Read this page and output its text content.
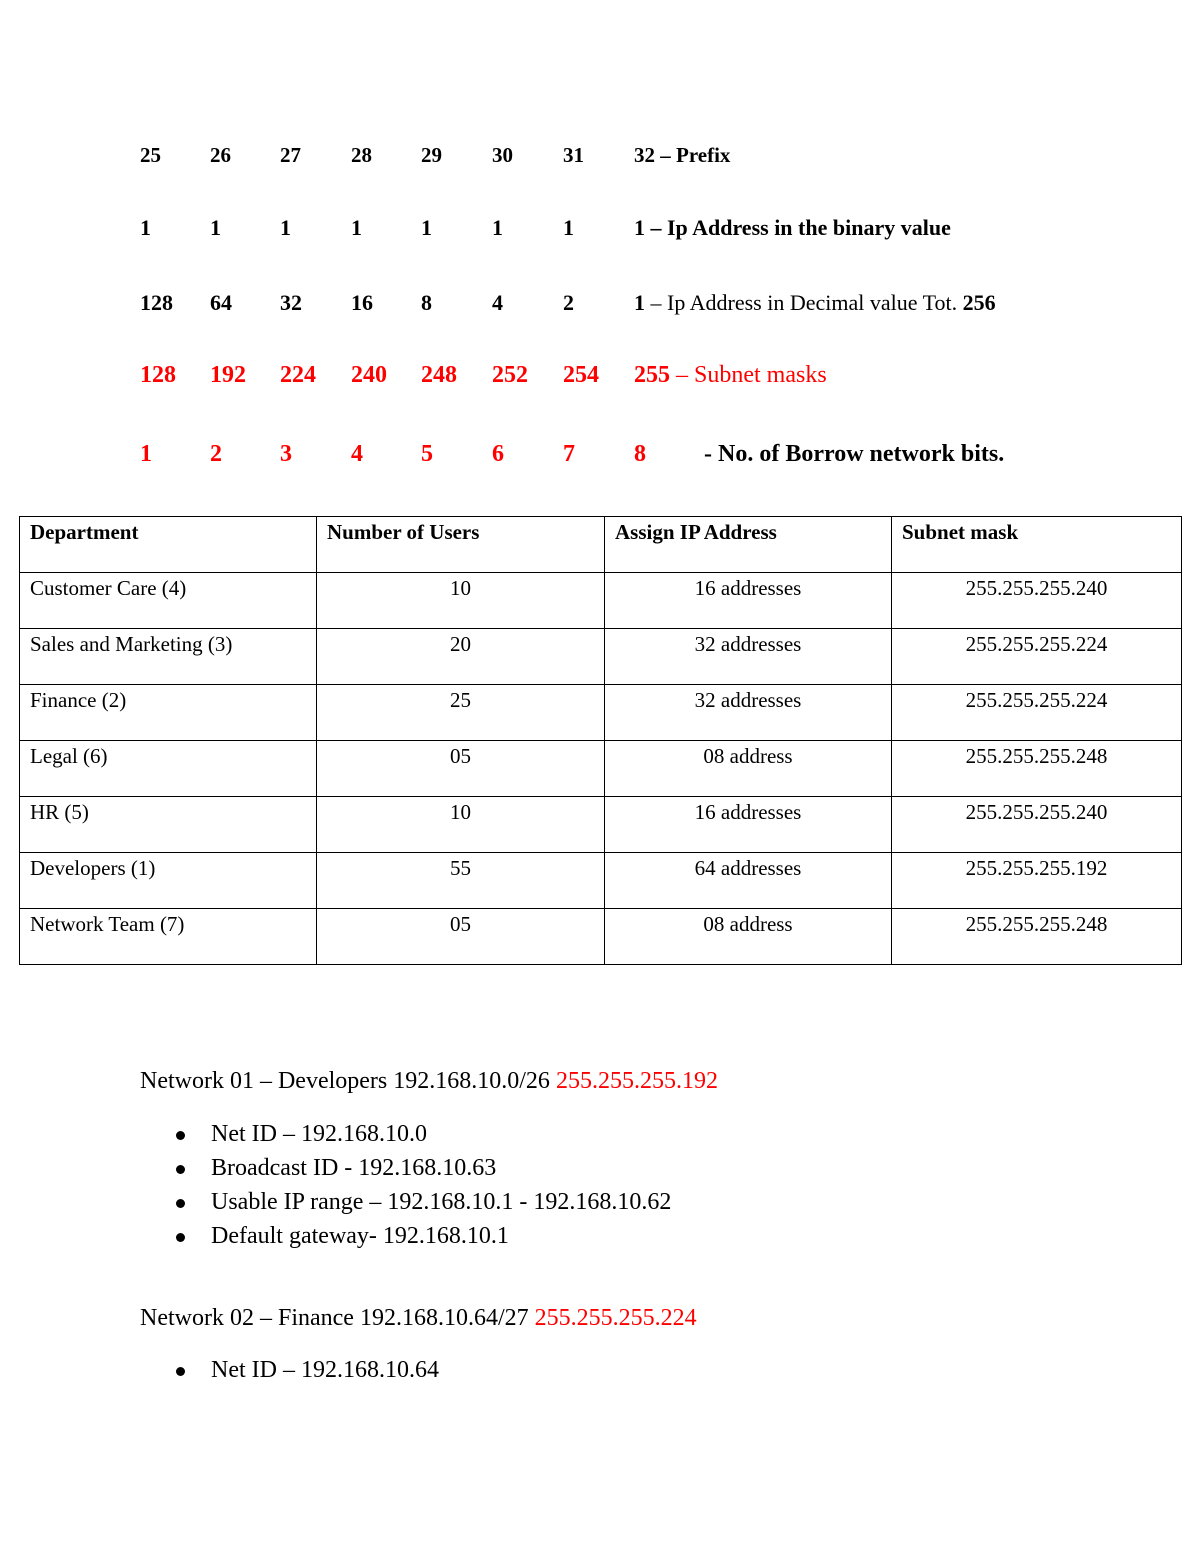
25 26 27 28 29 30 31 32 – Prefix
1	1	1	1	1	1	1	1 – Ip Address in the binary value
128 64 32 16 8	4	2	1 – Ip Address in Decimal value Tot. 256
128 192 224 240 248 252 254 255 – Subnet masks
1 2 3 4 5 6 7 8 - No. of Borrow network bits.
Department	Number of Users	Assign IP Address	Subnet mask
Customer Care (4)	10	16 addresses	255.255.255.240
Sales and Marketing (3)	20	32 addresses	255.255.255.224
Finance (2)	25	32 addresses	255.255.255.224
Legal (6)	05	08 address	255.255.255.248
HR (5)	10	16 addresses	255.255.255.240
Developers (1)	55	64 addresses	255.255.255.192
Network Team (7)	05	08 address	255.255.255.248
Network 01 – Developers 192.168.10.0/26 255.255.255.192
Net ID – 192.168.10.0
Broadcast ID - 192.168.10.63
Usable IP range – 192.168.10.1 - 192.168.10.62
Default gateway- 192.168.10.1
Network 02 – Finance 192.168.10.64/27 255.255.255.224
Net ID – 192.168.10.64
